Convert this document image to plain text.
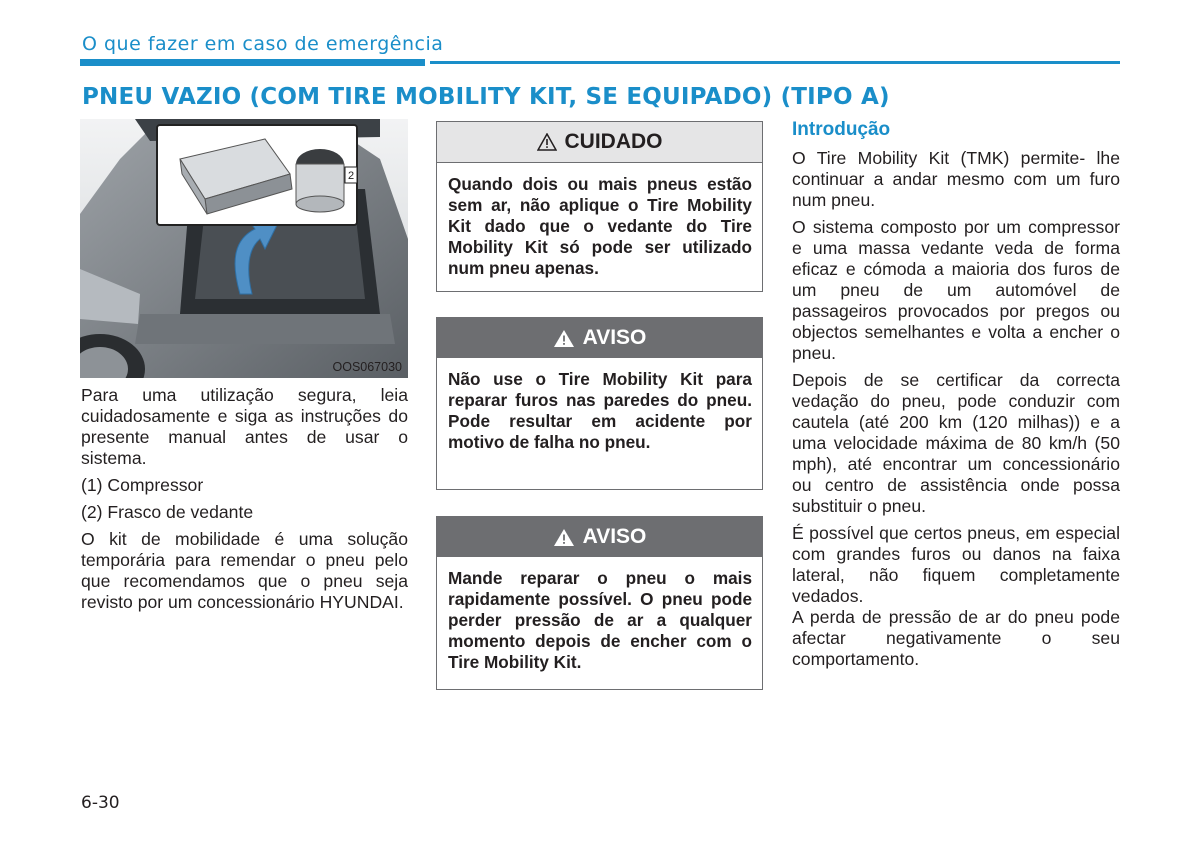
O que fazer em caso de emergência
PNEU VAZIO (COM TIRE MOBILITY KIT, SE EQUIPADO) (TIPO A)
2
OOS067030

Para uma utilização segura, leia cuidadosamente e siga as instruções do presente manual antes de usar o sistema.

(1) Compressor

(2) Frasco de vedante

O kit de mobilidade é uma solução temporária para remendar o pneu pelo que recomendamos que o pneu seja revisto por um concessionário HYUNDAI.

CUIDADO
Quando dois ou mais pneus estão sem ar, não aplique o Tire Mobility Kit dado que o vedante do Tire Mobility Kit só pode ser utilizado num pneu apenas.
AVISO
Não use o Tire Mobility Kit para reparar furos nas paredes do pneu. Pode resultar em acidente por motivo de falha no pneu.
AVISO
Mande reparar o pneu o mais rapidamente possível. O pneu pode perder pressão de ar a qualquer momento depois de encher com o Tire Mobility Kit.
Introdução

O Tire Mobility Kit (TMK) permite- lhe continuar a andar mesmo com um furo num pneu.

O sistema composto por um compressor e uma massa vedante veda de forma eficaz e cómoda a maioria dos furos de um pneu de um automóvel de passageiros provocados por pregos ou objectos semelhantes e volta a encher o pneu.

Depois de se certificar da correcta vedação do pneu, pode conduzir com cautela (até 200 km (120 milhas)) e a uma velocidade máxima de 80 km/h (50 mph), até encontrar um concessionário ou centro de assistência onde possa substituir o pneu.

É possível que certos pneus, em especial com grandes furos ou danos na faixa lateral, não fiquem completamente vedados.

A perda de pressão de ar do pneu pode afectar negativamente o seu comportamento.

6-30
